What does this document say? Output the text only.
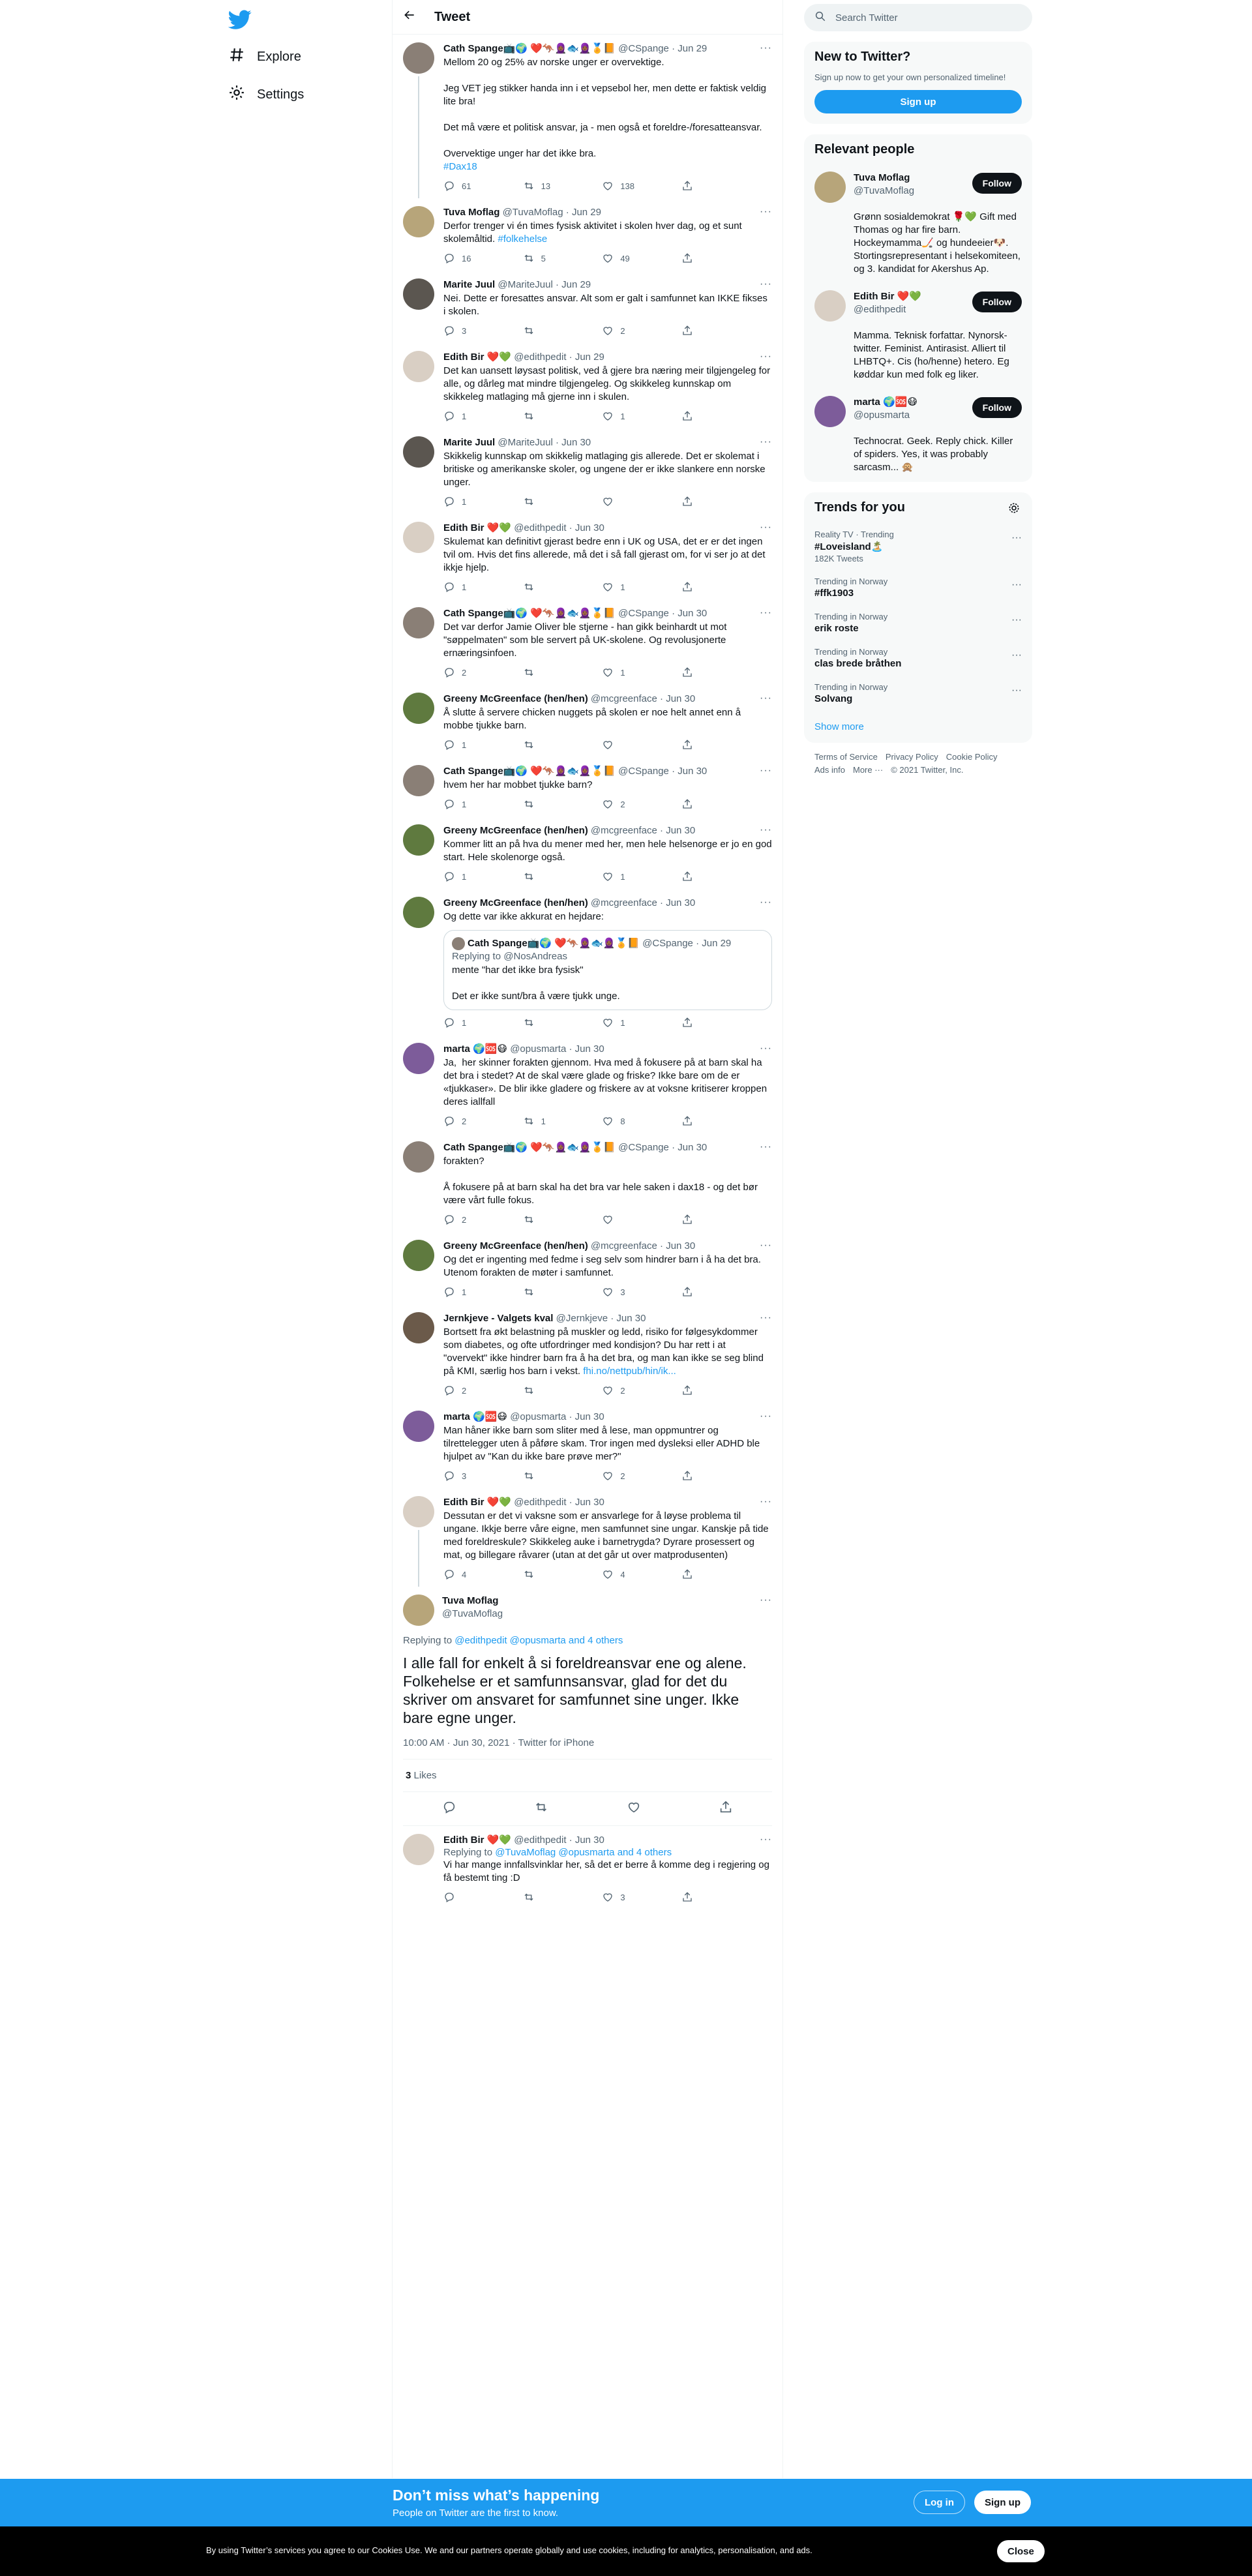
Explore
Settings
Tweet
Cath Spange📺🌍 ❤️🦘🧕🏾🐟🧕🏾🏅📙 @CSpange · Jun 29	···
Mellom 20 og 25% av norske unger er overvektige.

Jeg VET jeg stikker handa inn i et vepsebol her, men dette er faktisk veldig lite bra!

Det må være et politisk ansvar, ja - men også et foreldre-/foresatteansvar.

Overvektige unger har det ikke bra.
#Dax18
61	13	138
Tuva Moflag @TuvaMoflag · Jun 29	···
Derfor trenger vi én times fysisk aktivitet i skolen hver dag, og et sunt skolemåltid. #folkehelse
16	5	49
Marite Juul @MariteJuul · Jun 29	···
Nei. Dette er foresattes ansvar. Alt som er galt i samfunnet kan IKKE fikses i skolen.
3	2
Edith Bir ❤️💚 @edithpedit · Jun 29	···
Det kan uansett løysast politisk, ved å gjere bra næring meir tilgjengeleg for alle, og dårleg mat mindre tilgjengeleg. Og skikkeleg kunnskap om skikkeleg matlaging må gjerne inn i skulen.
1	1
Marite Juul @MariteJuul · Jun 30	···
Skikkelig kunnskap om skikkelig matlaging gis allerede. Det er skolemat i britiske og amerikanske skoler, og ungene der er ikke slankere enn norske unger.
1
Edith Bir ❤️💚 @edithpedit · Jun 30	···
Skulemat kan definitivt gjerast bedre enn i UK og USA, det er er det ingen tvil om. Hvis det fins allerede, må det i så fall gjerast om, for vi ser jo at det ikkje hjelp.
1	1
Cath Spange📺🌍 ❤️🦘🧕🏾🐟🧕🏾🏅📙 @CSpange · Jun 30	···
Det var derfor Jamie Oliver ble stjerne - han gikk beinhardt ut mot "søppelmaten" som ble servert på UK-skolene. Og revolusjonerte ernæringsinfoen.
2	1
Greeny McGreenface (hen/hen) @mcgreenface · Jun 30	···
Å slutte å servere chicken nuggets på skolen er noe helt annet enn å mobbe tjukke barn.
1
Cath Spange📺🌍 ❤️🦘🧕🏾🐟🧕🏾🏅📙 @CSpange · Jun 30	···
hvem her har mobbet tjukke barn?
1	2
Greeny McGreenface (hen/hen) @mcgreenface · Jun 30	···
Kommer litt an på hva du mener med her, men hele helsenorge er jo en god start. Hele skolenorge også.
1	1
Greeny McGreenface (hen/hen) @mcgreenface · Jun 30	···
Og dette var ikke akkurat en hejdare:
Cath Spange📺🌍 ❤️🦘🧕🏾🐟🧕🏾🏅📙 @CSpange · Jun 29
Replying to @NosAndreas
mente "har det ikke bra fysisk"

Det er ikke sunt/bra å være tjukk unge.
1	1
marta 🌍🆘😷 @opusmarta · Jun 30	···
Ja,  her skinner forakten gjennom. Hva med å fokusere på at barn skal ha det bra i stedet? At de skal være glade og friske? Ikke bare om de er «tjukkaser». De blir ikke gladere og friskere av at voksne kritiserer kroppen deres iallfall
2	1	8
Cath Spange📺🌍 ❤️🦘🧕🏾🐟🧕🏾🏅📙 @CSpange · Jun 30	···
forakten?

Å fokusere på at barn skal ha det bra var hele saken i dax18 - og det bør være vårt fulle fokus.
2
Greeny McGreenface (hen/hen) @mcgreenface · Jun 30	···
Og det er ingenting med fedme i seg selv som hindrer barn i å ha det bra. Utenom forakten de møter i samfunnet.
1	3
Jernkjeve - Valgets kval @Jernkjeve · Jun 30	···
Bortsett fra økt belastning på muskler og ledd, risiko for følgesykdommer som diabetes, og ofte utfordringer med kondisjon? Du har rett i at "overvekt" ikke hindrer barn fra å ha det bra, og man kan ikke se seg blind på KMI, særlig hos barn i vekst. fhi.no/nettpub/hin/ik...
2	2
marta 🌍🆘😷 @opusmarta · Jun 30	···
Man håner ikke barn som sliter med å lese, man oppmuntrer og tilrettelegger uten å påføre skam. Tror ingen med dysleksi eller ADHD ble hjulpet av "Kan du ikke bare prøve mer?"
3	2
Edith Bir ❤️💚 @edithpedit · Jun 30	···
Dessutan er det vi vaksne som er ansvarlege for å løyse problema til ungane. Ikkje berre våre eigne, men samfunnet sine ungar. Kanskje på tide med foreldreskule? Skikkeleg auke i barnetrygda? Dyrare prosessert og mat, og billegare råvarer (utan at det går ut over matprodusenten)
4	4
Tuva Moflag
@TuvaMoflag
···
Replying to @edithpedit @opusmarta and 4 others
I alle fall for enkelt å si foreldreansvar ene og alene. Folkehelse er et samfunnsansvar, glad for det du skriver om ansvaret for samfunnet sine unger. Ikke bare egne unger.
10:00 AM · Jun 30, 2021 · Twitter for iPhone
3 Likes
Edith Bir ❤️💚 @edithpedit · Jun 30	···
Replying to @TuvaMoflag @opusmarta and 4 others
Vi har mange innfallsvinklar her, så det er berre å komme deg i regjering og få bestemt ting :D
3
Search Twitter
New to Twitter?
Sign up now to get your own personalized timeline!
Sign up
Relevant people
Tuva Moflag
@TuvaMoflag
Follow
Grønn sosialdemokrat 🌹💚 Gift med Thomas og har fire barn. Hockeymamma🏒 og hundeeier🐶. Stortingsrepresentant i helsekomiteen, og 3. kandidat for Akershus Ap.
Edith Bir ❤️💚
@edithpedit
Follow
Mamma. Teknisk forfattar. Nynorsk-twitter. Feminist. Antirasist. Alliert til LHBTQ+. Cis (ho/henne) hetero. Eg køddar kun med folk eg liker.
marta 🌍🆘😷
@opusmarta
Follow
Technocrat. Geek. Reply chick. Killer of spiders. Yes, it was probably sarcasm... 🙊
Trends for you
Reality TV · Trending
#Loveisland🏝️
182K Tweets
···
Trending in Norway
#ffk1903
···
Trending in Norway
erik roste
···
Trending in Norway
clas brede bråthen
···
Trending in Norway
Solvang
···
Show more
Terms of Service Privacy Policy Cookie Policy
Ads info More ··· © 2021 Twitter, Inc.
Don’t miss what’s happening
People on Twitter are the first to know.
Log in	Sign up
By using Twitter’s services you agree to our Cookies Use. We and our partners operate globally and use cookies, including for analytics, personalisation, and ads.	Close
